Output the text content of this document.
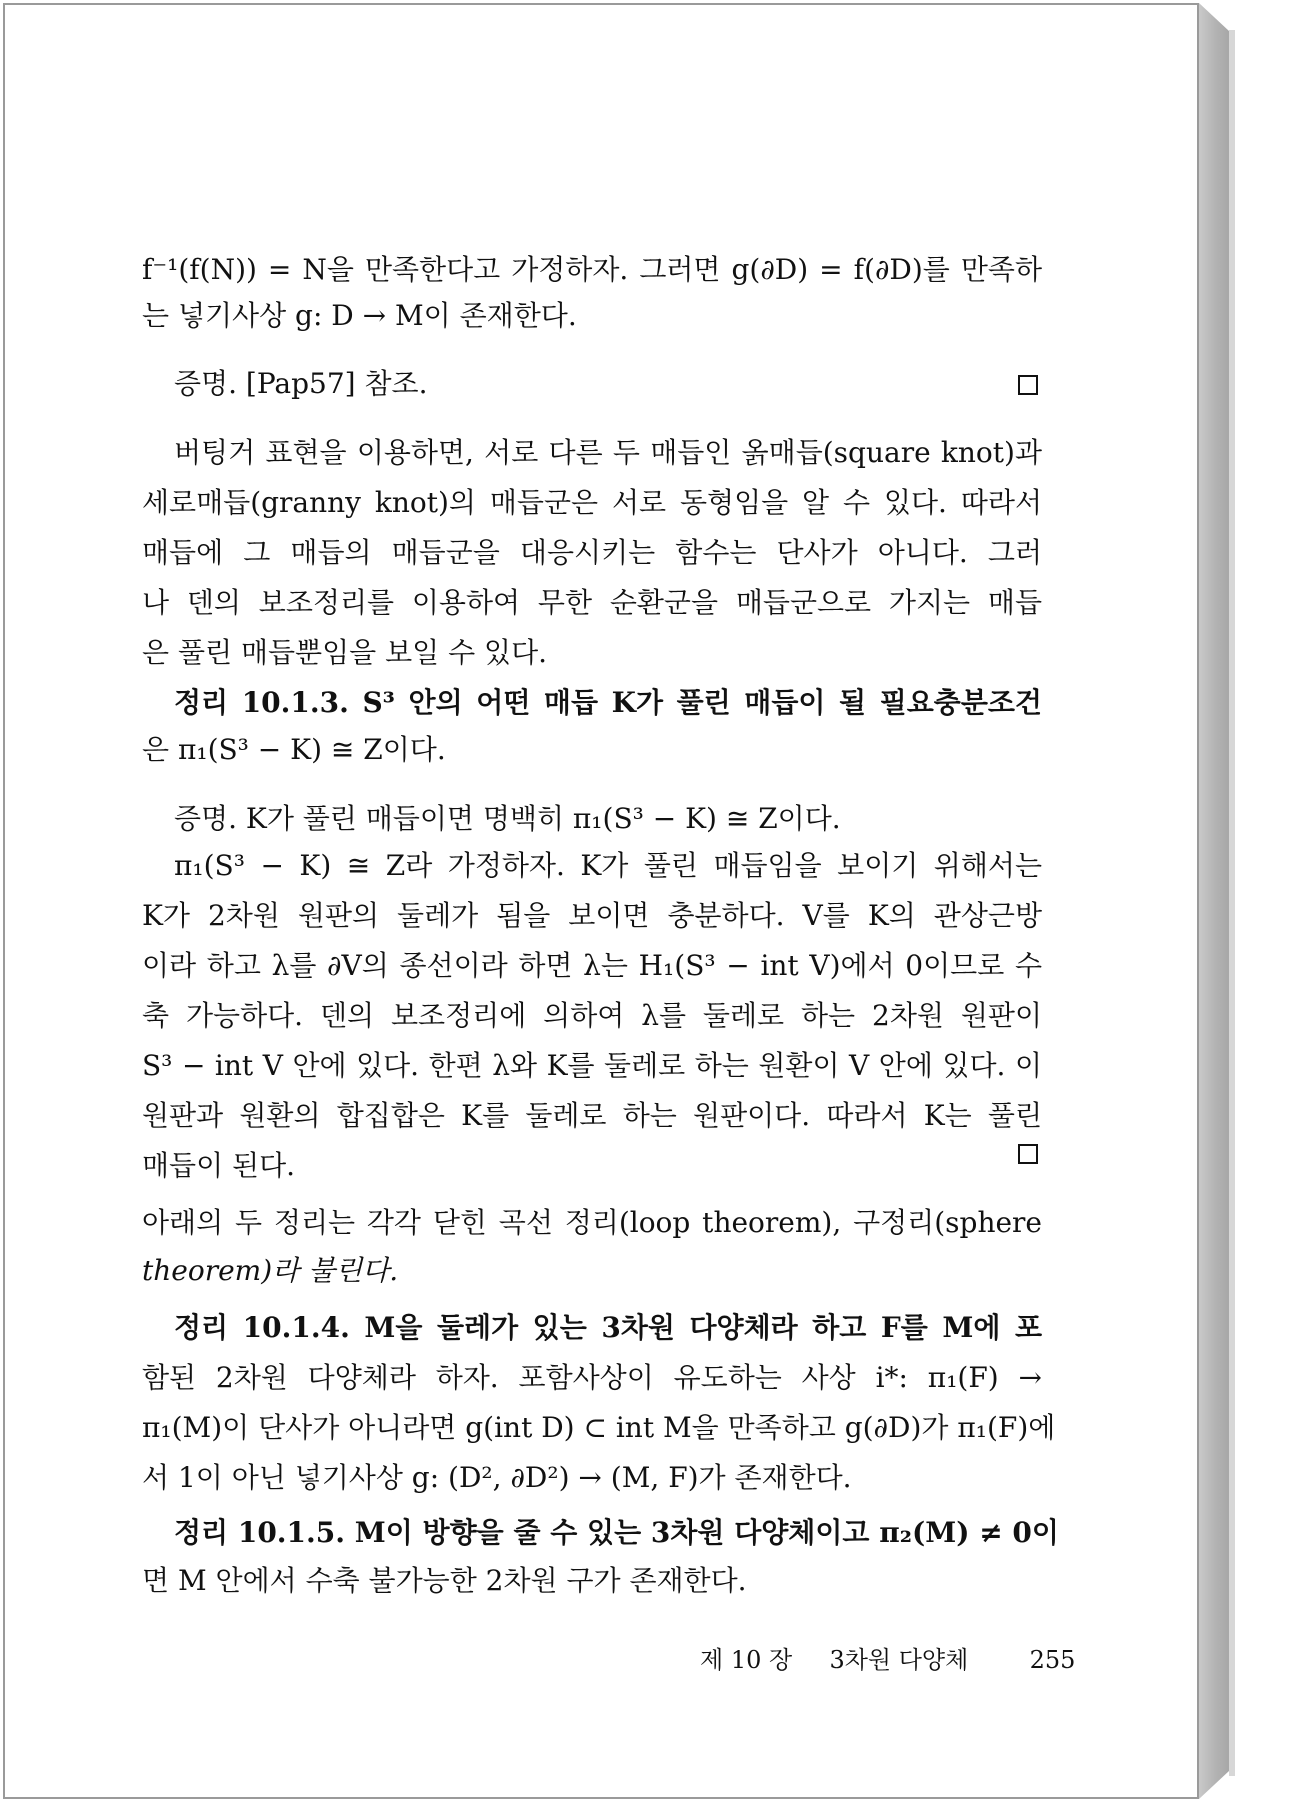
f⁻¹(f(N)) = N을 만족한다고 가정하자. 그러면 g(∂D) = f(∂D)를 만족하
는 넣기사상 g: D → M이 존재한다.
증명. [Pap57] 참조.
버팅거 표현을 이용하면, 서로 다른 두 매듭인 옭매듭(square knot)과
세로매듭(granny knot)의 매듭군은 서로 동형임을 알 수 있다. 따라서
매듭에 그 매듭의 매듭군을 대응시키는 함수는 단사가 아니다. 그러
나 덴의 보조정리를 이용하여 무한 순환군을 매듭군으로 가지는 매듭
은 풀린 매듭뿐임을 보일 수 있다.
정리 10.1.3. S³ 안의 어떤 매듭 K가 풀린 매듭이 될 필요충분조건
은 π₁(S³ − K) ≅ Z이다.
증명. K가 풀린 매듭이면 명백히 π₁(S³ − K) ≅ Z이다.
π₁(S³ − K) ≅ Z라 가정하자. K가 풀린 매듭임을 보이기 위해서는
K가 2차원 원판의 둘레가 됨을 보이면 충분하다. V를 K의 관상근방
이라 하고 λ를 ∂V의 종선이라 하면 λ는 H₁(S³ − int V)에서 0이므로 수
축 가능하다. 덴의 보조정리에 의하여 λ를 둘레로 하는 2차원 원판이
S³ − int V 안에 있다. 한편 λ와 K를 둘레로 하는 원환이 V 안에 있다. 이
원판과 원환의 합집합은 K를 둘레로 하는 원판이다. 따라서 K는 풀린
매듭이 된다.
아래의 두 정리는 각각 닫힌 곡선 정리(loop theorem), 구정리(sphere
theorem)라 불린다.
정리 10.1.4. M을 둘레가 있는 3차원 다양체라 하고 F를 M에 포
함된 2차원 다양체라 하자. 포함사상이 유도하는 사상 i*: π₁(F) →
π₁(M)이 단사가 아니라면 g(int D) ⊂ int M을 만족하고 g(∂D)가 π₁(F)에
서 1이 아닌 넣기사상 g: (D², ∂D²) → (M, F)가 존재한다.
정리 10.1.5. M이 방향을 줄 수 있는 3차원 다양체이고 π₂(M) ≠ 0이
면 M 안에서 수축 불가능한 2차원 구가 존재한다.
제 10 장 3차원 다양체	255
